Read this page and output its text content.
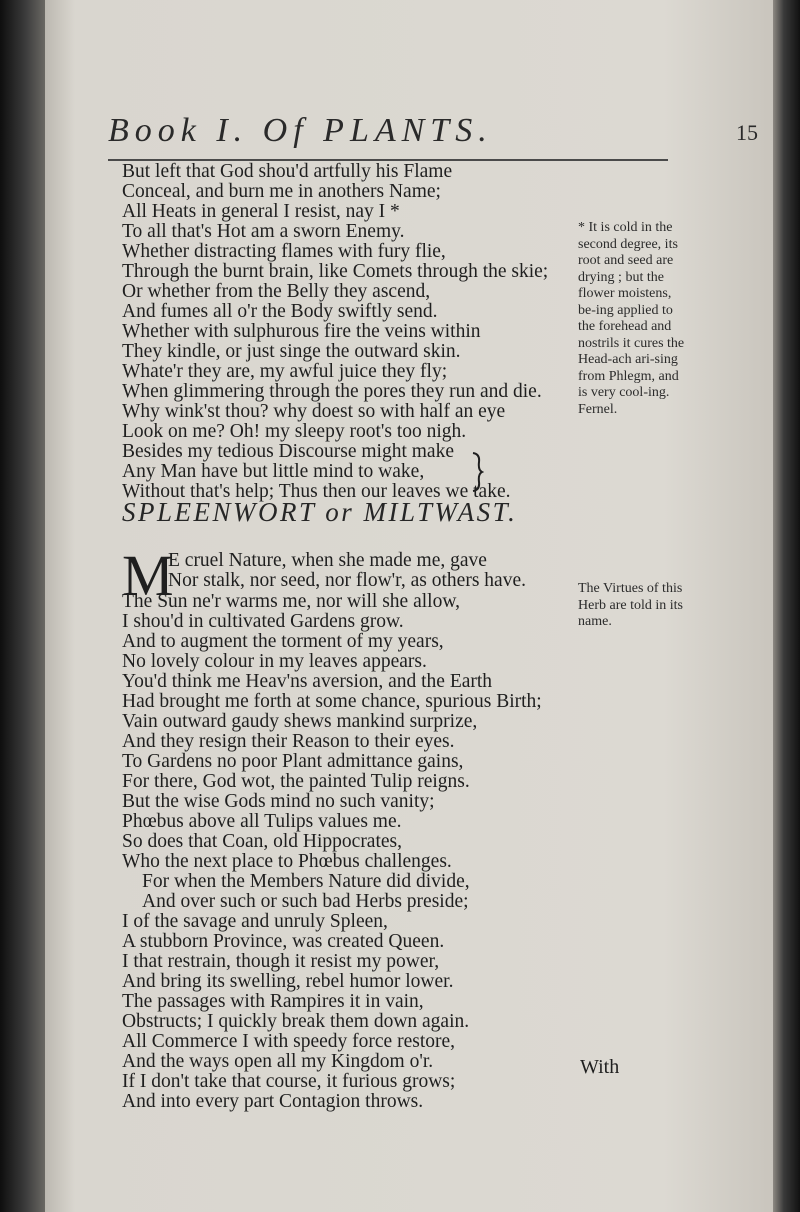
Book I. Of PLANTS.	15
But left that God shou'd artfully his Flame
Conceal, and burn me in anothers Name;
All Heats in general I resist, nay I *
To all that's Hot am a sworn Enemy.
Whether distracting flames with fury flie,
Through the burnt brain, like Comets through the skie;
Or whether from the Belly they ascend,
And fumes all o'r the Body swiftly send.
Whether with sulphurous fire the veins within
They kindle, or just singe the outward skin.
Whate'r they are, my awful juice they fly;
When glimmering through the pores they run and die.
Why wink'st thou? why doest so with half an eye
Look on me? Oh! my sleepy root's too nigh.
Besides my tedious Discourse might make
Any Man have but little mind to wake,
Without that's help; Thus then our leaves we take.
* It is cold in the second degree, its root and seed are drying ; but the flower moistens, be-ing applied to the forehead and nostrils it cures the Head-ach ari-sing from Phlegm, and is very cool-ing. Fernel.
SPLEENWORT or MILTWAST.
M
E cruel Nature, when she made me, gave
Nor stalk, nor seed, nor flow'r, as others have.
The Sun ne'r warms me, nor will she allow,
I shou'd in cultivated Gardens grow.
And to augment the torment of my years,
No lovely colour in my leaves appears.
You'd think me Heav'ns aversion, and the Earth
Had brought me forth at some chance, spurious Birth;
Vain outward gaudy shews mankind surprize,
And they resign their Reason to their eyes.
To Gardens no poor Plant admittance gains,
For there, God wot, the painted Tulip reigns.
But the wise Gods mind no such vanity;
Phœbus above all Tulips values me.
So does that Coan, old Hippocrates,
Who the next place to Phœbus challenges.
For when the Members Nature did divide,
And over such or such bad Herbs preside;
I of the savage and unruly Spleen,
A stubborn Province, was created Queen.
I that restrain, though it resist my power,
And bring its swelling, rebel humor lower.
The passages with Rampires it in vain,
Obstructs; I quickly break them down again.
All Commerce I with speedy force restore,
And the ways open all my Kingdom o'r.
If I don't take that course, it furious grows;
And into every part Contagion throws.
The Virtues of this Herb are told in its name.
With
